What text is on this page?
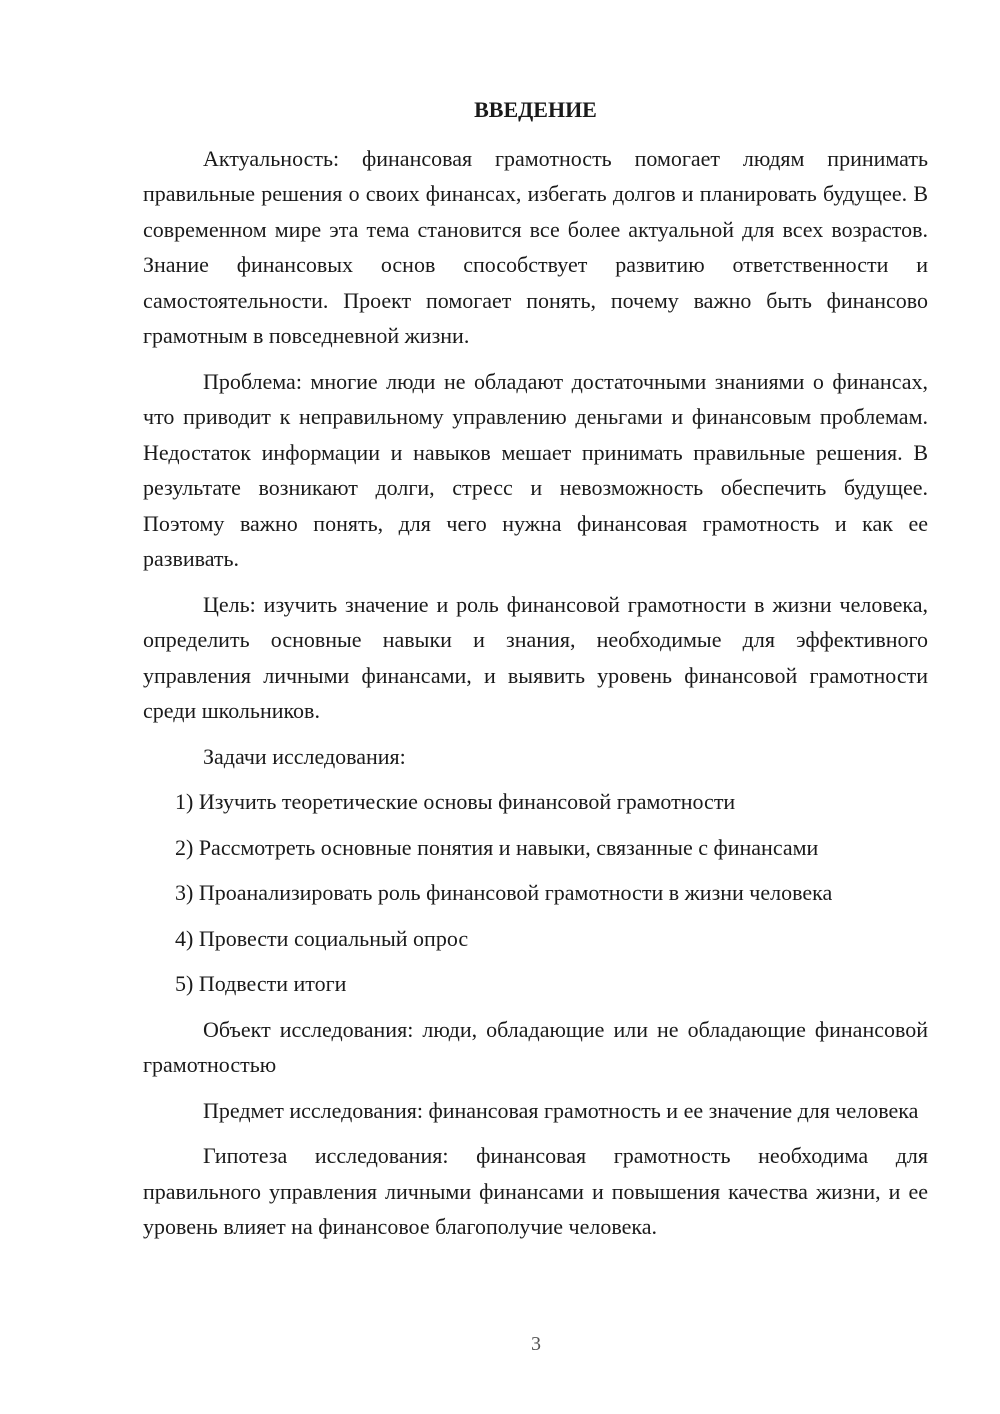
ВВЕДЕНИЕ

Актуальность: финансовая грамотность помогает людям принимать правильные решения о своих финансах, избегать долгов и планировать будущее. В современном мире эта тема становится все более актуальной для всех возрастов. Знание финансовых основ способствует развитию ответственности и самостоятельности. Проект помогает понять, почему важно быть финансово грамотным в повседневной жизни.

Проблема: многие люди не обладают достаточными знаниями о финансах, что приводит к неправильному управлению деньгами и финансовым проблемам. Недостаток информации и навыков мешает принимать правильные решения. В результате возникают долги, стресс и невозможность обеспечить будущее. Поэтому важно понять, для чего нужна финансовая грамотность и как ее развивать.

Цель: изучить значение и роль финансовой грамотности в жизни человека, определить основные навыки и знания, необходимые для эффективного управления личными финансами, и выявить уровень финансовой грамотности среди школьников.

Задачи исследования:

1) Изучить теоретические основы финансовой грамотности
2) Рассмотреть основные понятия и навыки, связанные с финансами
3) Проанализировать роль финансовой грамотности в жизни человека
4) Провести социальный опрос
5) Подвести итоги

Объект исследования: люди, обладающие или не обладающие финансовой грамотностью

Предмет исследования: финансовая грамотность и ее значение для человека

Гипотеза исследования: финансовая грамотность необходима для правильного управления личными финансами и повышения качества жизни, и ее уровень влияет на финансовое благополучие человека.

3
